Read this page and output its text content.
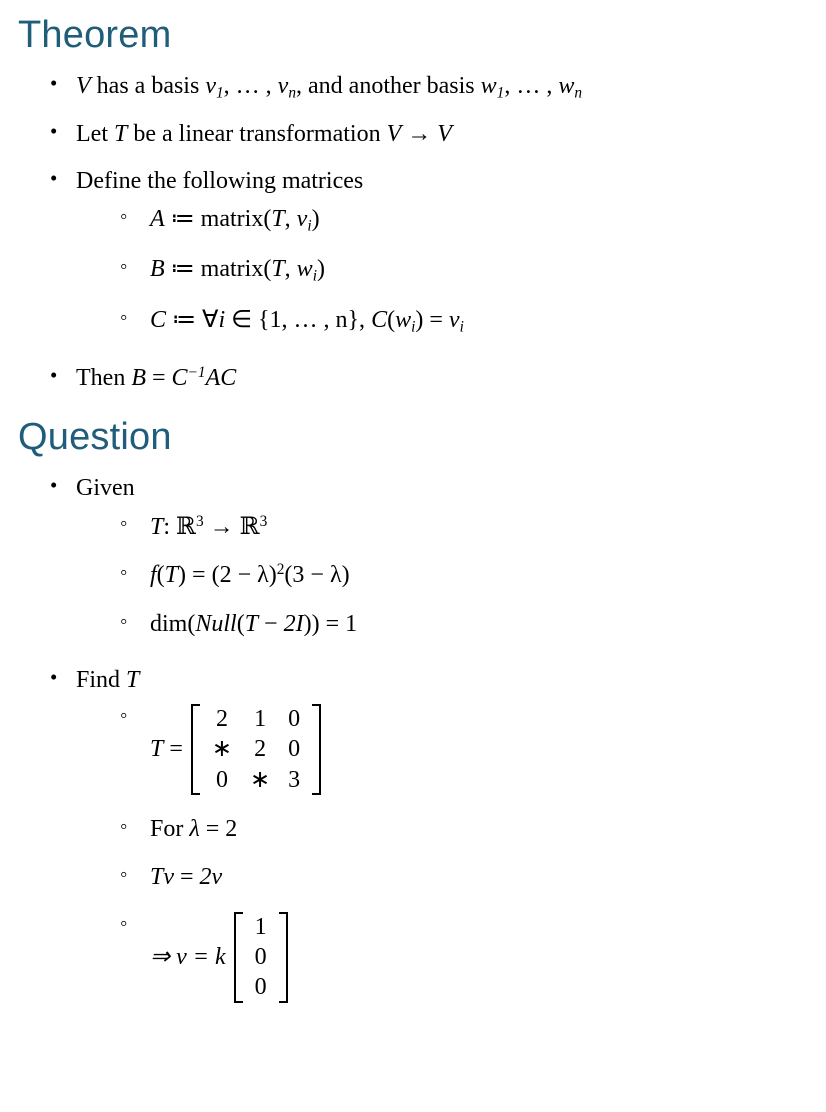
Theorem
• V has a basis $v_1$, … , $v_n$, and another basis $w_1$, … , $w_n$
• Let T be a linear transformation V → V
• Define the following matrices
◦ A ≔ matrix(T, $v_i$)
◦ B ≔ matrix(T, $w_i$)
◦ C ≔ ∀i ∈ {1, … , n}, $C(w_i) = v_i$
• Then $B = C^{-1}AC$
Question
• Given
◦ T: ℝ$^3$ → ℝ$^3$
◦ $f(T) = (2 - \lambda)^2(3 - \lambda)$
◦ dim(Null(T − 2I)) = 1
• Find T
◦ T =
2	1	0
∗	2	0
0	∗	3
◦ For λ = 2
◦ Tv = 2v
◦ ⇒ v = k
1
0
0
